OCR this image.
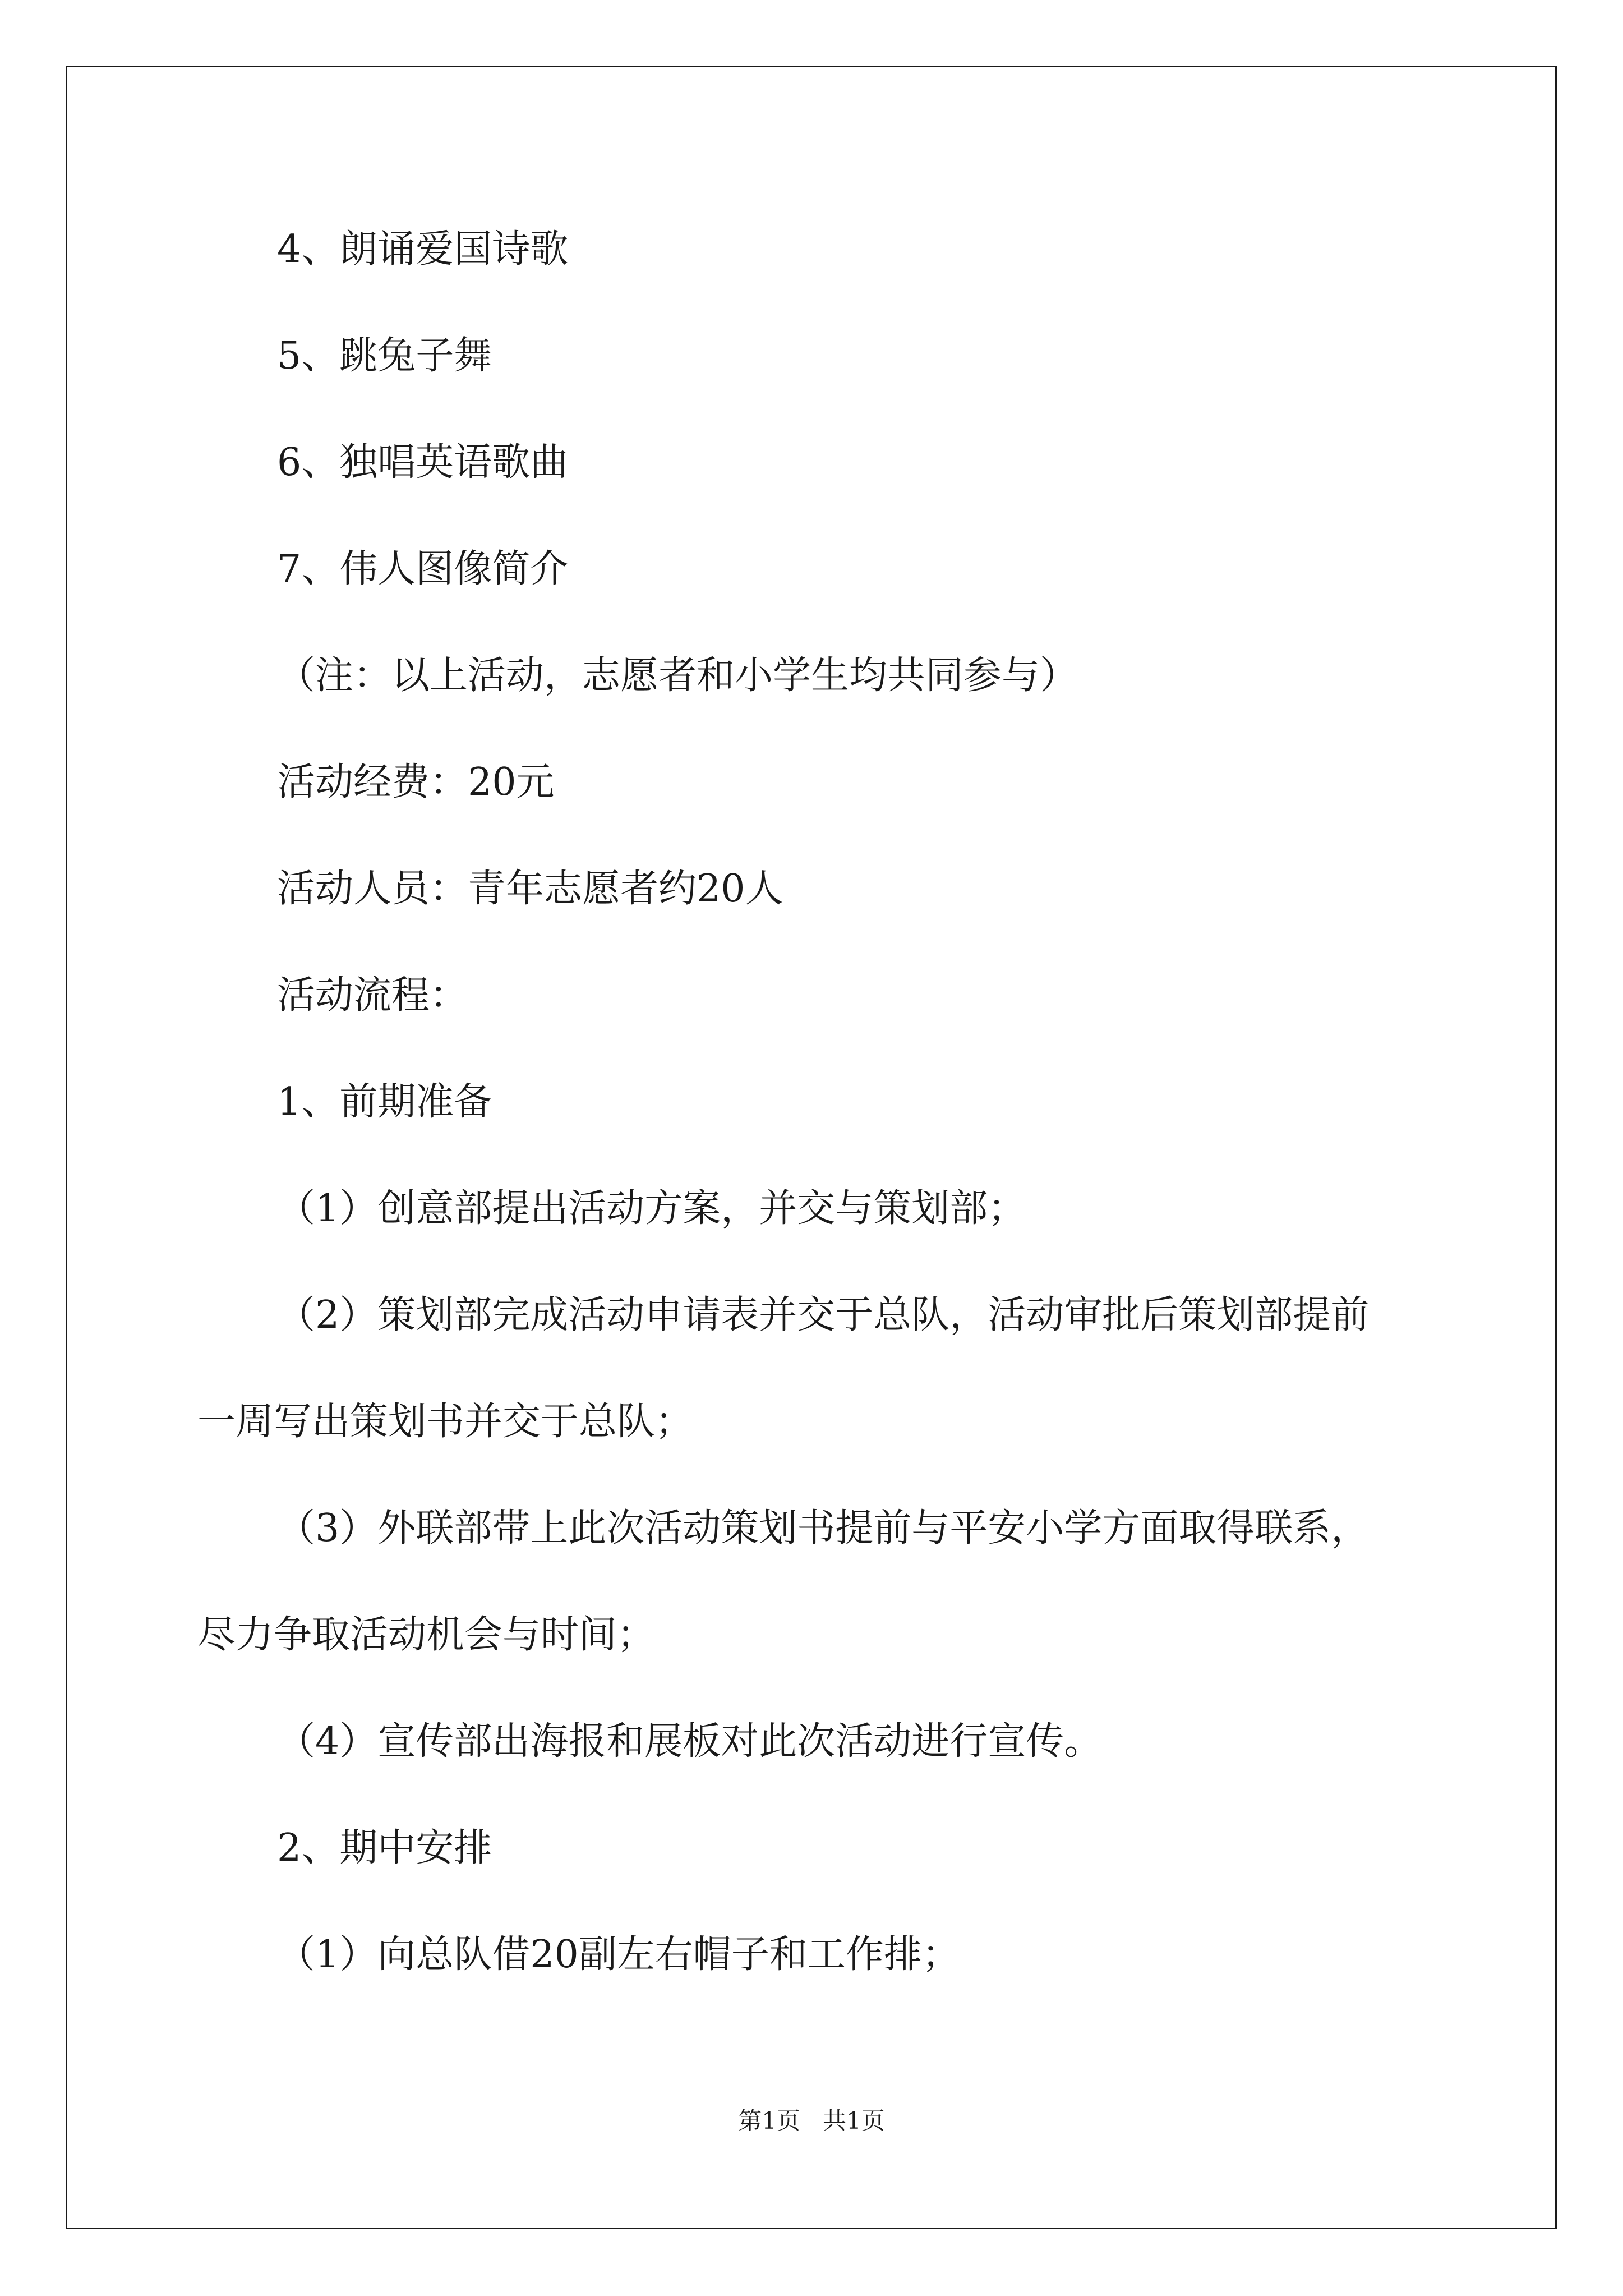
4、朗诵爱国诗歌
5、跳兔子舞
6、独唱英语歌曲
7、伟人图像简介
（注：以上活动，志愿者和小学生均共同参与）
活动经费：20元
活动人员：青年志愿者约20人
活动流程：
1、前期准备
（1）创意部提出活动方案，并交与策划部；
（2）策划部完成活动申请表并交于总队，活动审批后策划部提前
一周写出策划书并交于总队；
（3）外联部带上此次活动策划书提前与平安小学方面取得联系，
尽力争取活动机会与时间；
（4）宣传部出海报和展板对此次活动进行宣传。
2、期中安排
（1）向总队借20副左右帽子和工作排；
第1页   共1页
